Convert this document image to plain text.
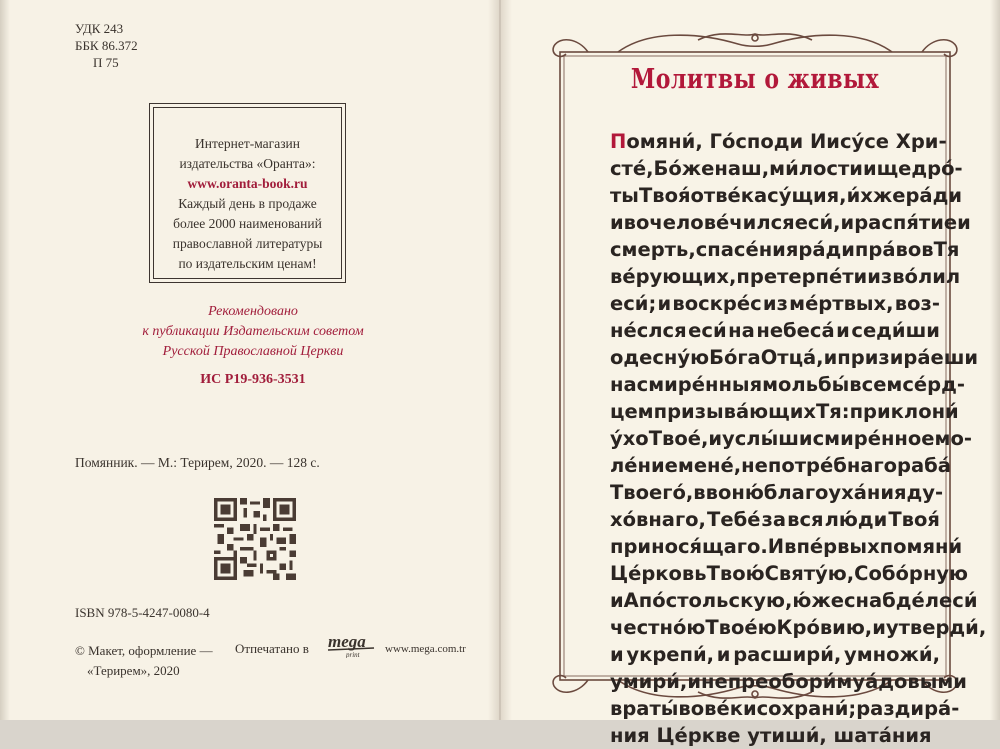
УДК 243
ББК 86.372
П 75
Интернет-магазин
издательства «Оранта»:
www.oranta-book.ru
Каждый день в продаже
более 2000 наименований
православной литературы
по издательским ценам!
Рекомендовано
к публикации Издательским советом
Русской Православной Церкви
ИС Р19-936-3531
Помянник. — М.: Терирем, 2020. — 128 с.
ISBN 978-5-4247-0080-4
© Макет, оформление —
«Терирем», 2020
Отпечатано в mega
print www.mega.com.tr
Молитвы о живых
Помяни́, Го́споди Иису́се Хри-
сте́, Бо́же наш, ми́лости и щедро́-
ты Твоя́ от ве́ка су́щия, и́хже ра́ди
и вочелове́чился еси́, и распя́тие и
смерть, спасе́ния ра́ди пра́во в Тя
ве́рующих, претерпе́ти изво́лил
еси́; и воскре́с из ме́ртвых, воз-
не́слся еси́ на небеса́ и седи́ши
одесну́ю Бо́га Отца́, и призира́еши
на смире́нныя мольбы́ всем се́рд-
цем призыва́ющих Тя: приклони́
у́хо Твое́, и услы́ши смире́нное мо-
ле́ние мене́, непотре́бнаго раба́
Твоего́, в воню́ благоуха́ния ду-
хо́внаго, Тебе́ за вся лю́ди Твоя́
принося́щаго. И в пе́рвых помяни́
Це́рковь Твою́ Святу́ю, Собо́рную
и Апо́стольскую, ю́же снабде́л еси́
честно́ю Твое́ю Кро́вию, и утверди́,
и укрепи́, и расшири́, умножи́,
умири́, и непреобори́му а́довыми
враты́ во ве́ки сохрани́; раздира́-
ния Це́ркве утиши́, шата́ния
